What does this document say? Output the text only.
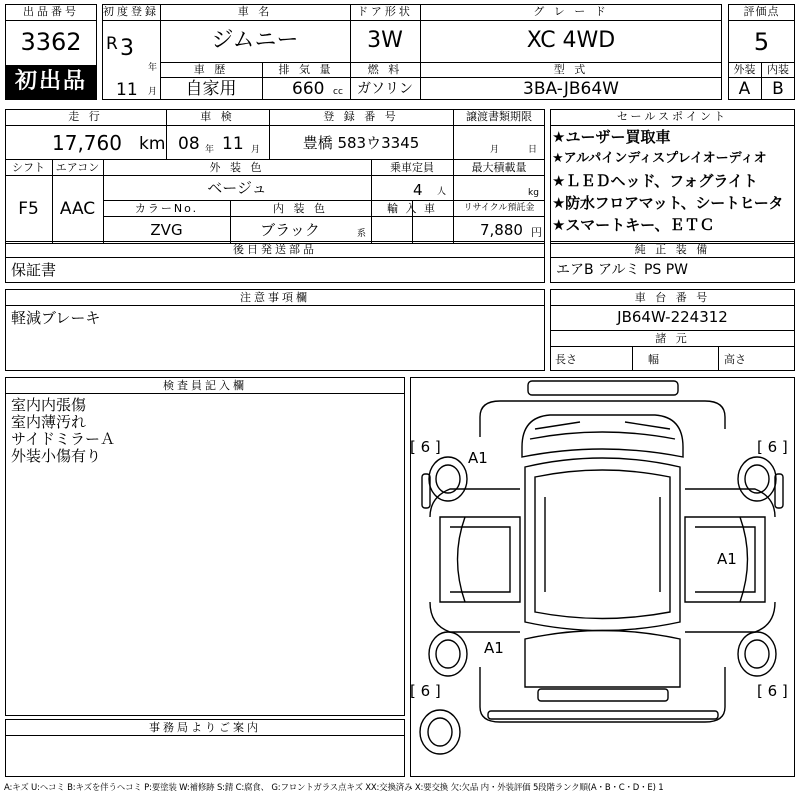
出品番号
3362
初出品
初度登録
R 3
年
11 月
車 名
ジムニー
ドア形状
3W
グ レ ー ド
XC 4WD
車 歴
自家用
排 気 量
660 cc
燃 料
ガソリン
型 式
3BA-JB64W
評価点
5
外装	内装
A	B
走 行
17,760 km
車 検
08 年 11 月
登 録 番 号
豊橋 583ウ3345
譲渡書類期限
月	日
シフト
F5
エアコン
AAC
外 装 色
ベージュ
乗車定員
4 人
最大積載量
kg
カラーNo.
ZVG
内 装 色
ブラック	系
輸 入 車	リサイクル預託金
7,880 円
セールスポイント
★ユーザー買取車
★アルパインディスプレイオーディオ
★ＬＥＤヘッド、フォグライト
★防水フロアマット、シートヒータ
★スマートキー、ＥＴＣ
後日発送部品
保証書
純 正 装 備
エアB アルミ PS PW
注意事項欄
軽減ブレーキ
車 台 番 号
JB64W-224312
諸 元
長さ	幅	高さ
検査員記入欄
室内内張傷
室内薄汚れ
サイドミラーＡ
外装小傷有り
事務局よりご案内
[ 6 ]	[ 6 ]
[ 6 ]	[ 6 ]
A1
A1
A1
A:キズ U:ヘコミ B:キズを伴うヘコミ P:要塗装 W:補修跡 S:錆 C:腐食、 G:フロントガラス点キズ XX:交換済み X:要交換 欠:欠品 内・外装評価 5段階ランク順(A・B・C・D・E) 1
